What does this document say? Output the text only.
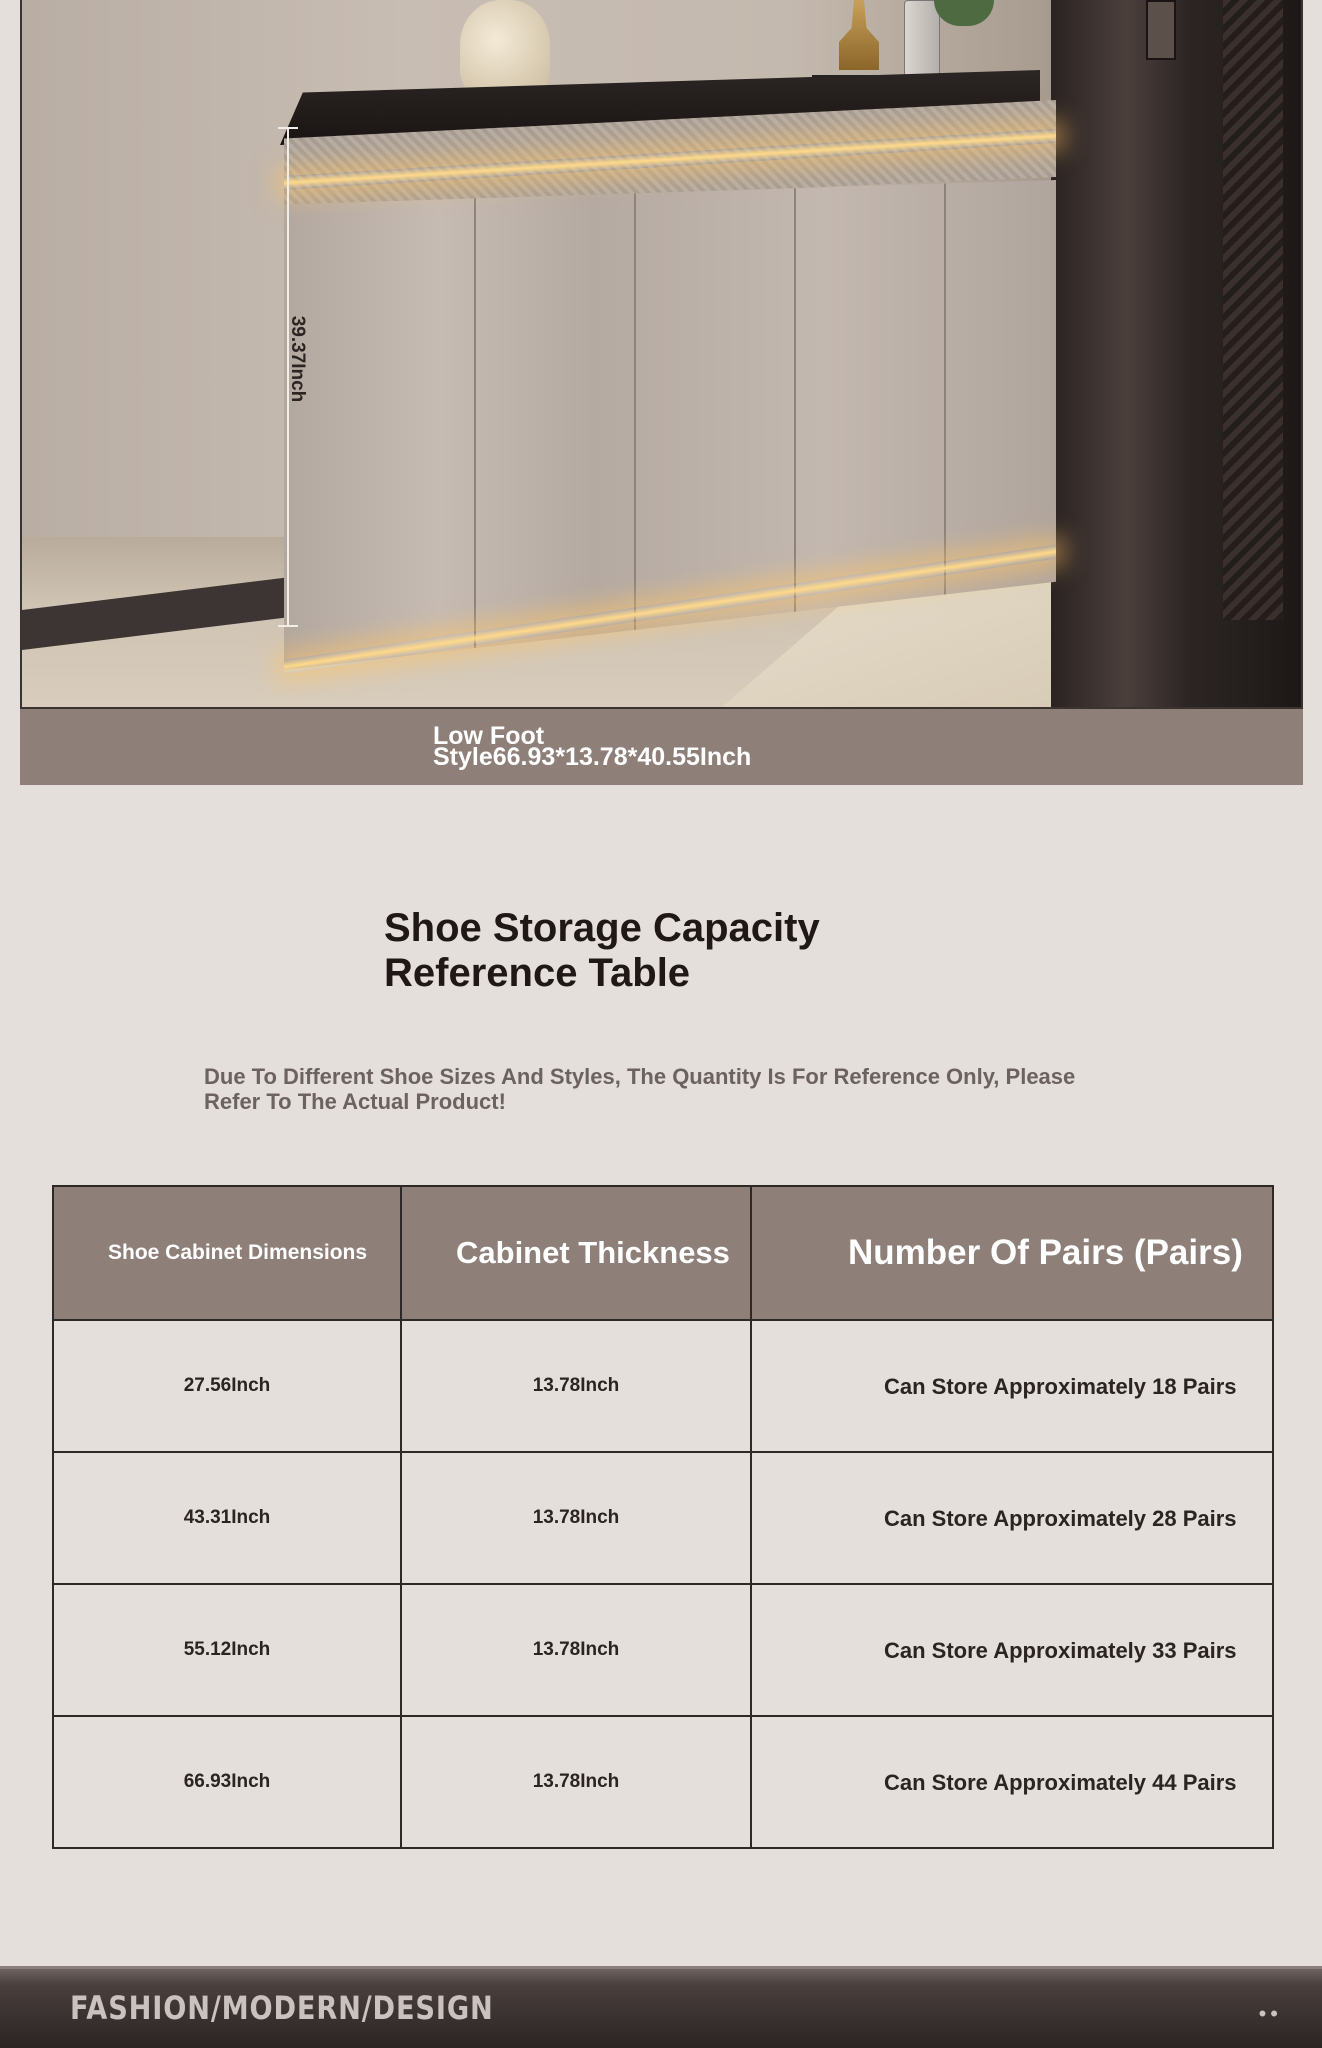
39.37Inch
Low Foot Style66.93*13.78*40.55Inch
Shoe Storage Capacity Reference Table
Due To Different Shoe Sizes And Styles, The Quantity Is For Reference Only, Please Refer To The Actual Product!
Shoe Cabinet Dimensions	Cabinet Thickness	Number Of Pairs (Pairs)
27.56Inch	13.78Inch	Can Store Approximately 18 Pairs
43.31Inch	13.78Inch	Can Store Approximately 28 Pairs
55.12Inch	13.78Inch	Can Store Approximately 33 Pairs
66.93Inch	13.78Inch	Can Store Approximately 44 Pairs
FASHION/MODERN/DESIGN	••
